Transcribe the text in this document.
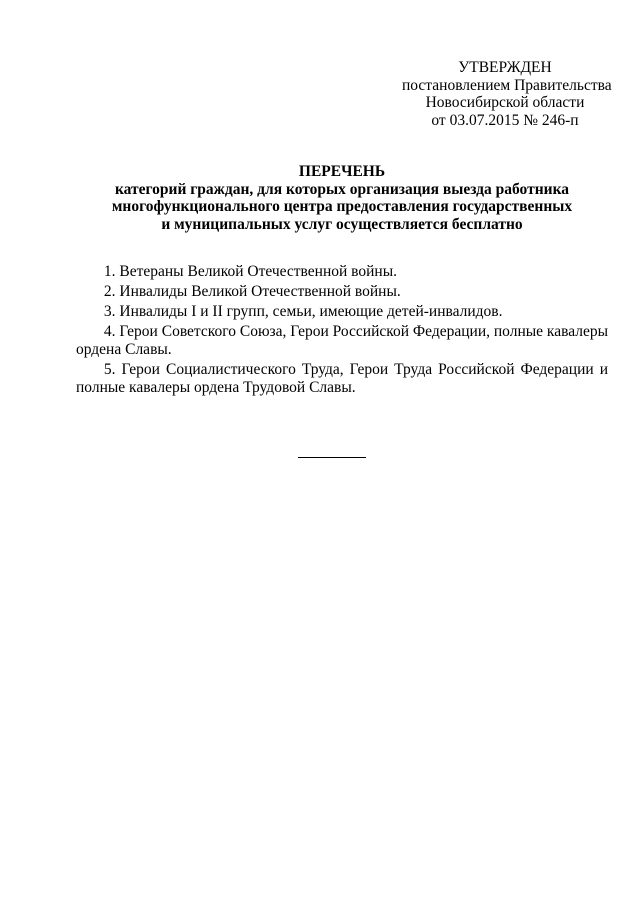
УТВЕРЖДЕН
постановлением Правительства
Новосибирской области
от 03.07.2015 № 246-п
ПЕРЕЧЕНЬ
категорий граждан, для которых организация выезда работника
многофункционального центра предоставления государственных
и муниципальных услуг осуществляется бесплатно

1. Ветераны Великой Отечественной войны.

2. Инвалиды Великой Отечественной войны.

3. Инвалиды I и II групп, семьи, имеющие детей-инвалидов.

4. Герои Советского Союза, Герои Российской Федерации, полные кавалеры ордена Славы.

5. Герои Социалистического Труда, Герои Труда Российской Федерации и полные кавалеры ордена Трудовой Славы.
